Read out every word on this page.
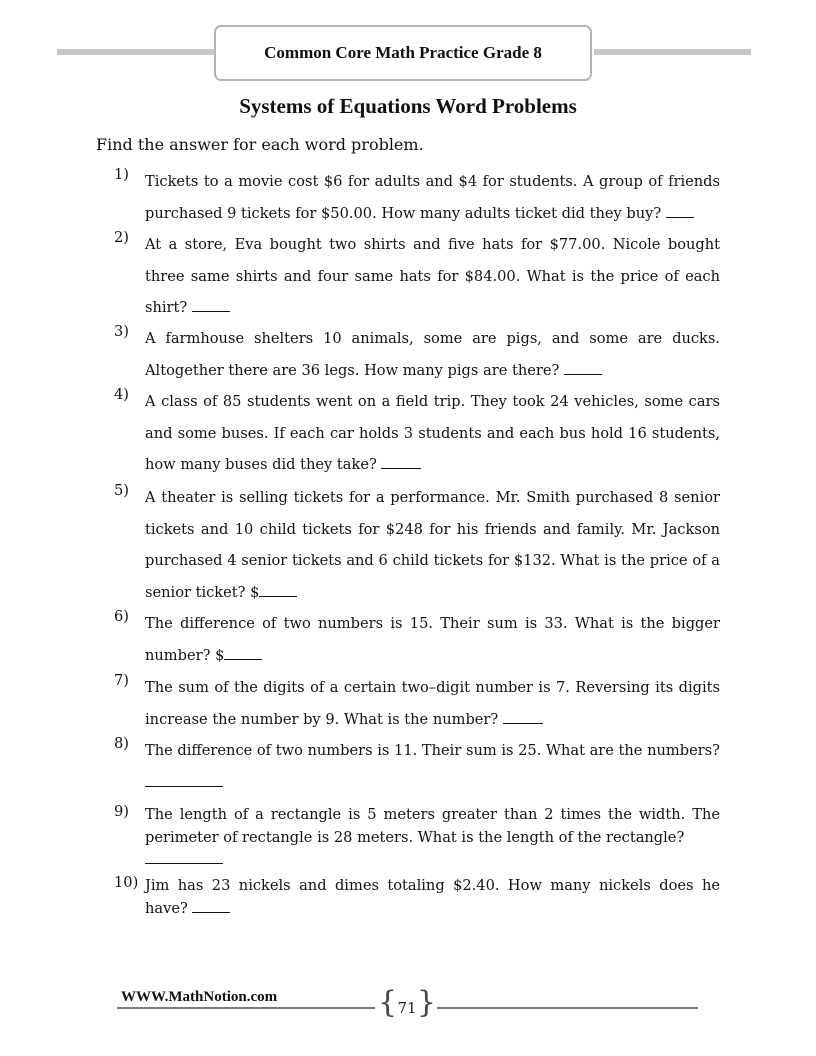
Common Core Math Practice Grade 8
Systems of Equations Word Problems
Find the answer for each word problem.
1) Tickets to a movie cost $6 for adults and $4 for students. A group of friends purchased 9 tickets for $50.00. How many adults ticket did they buy?
2) At a store, Eva bought two shirts and five hats for $77.00. Nicole bought three same shirts and four same hats for $84.00. What is the price of each shirt?
3) A farmhouse shelters 10 animals, some are pigs, and some are ducks. Altogether there are 36 legs. How many pigs are there?
4) A class of 85 students went on a field trip. They took 24 vehicles, some cars and some buses. If each car holds 3 students and each bus hold 16 students, how many buses did they take?
5) A theater is selling tickets for a performance. Mr. Smith purchased 8 senior tickets and 10 child tickets for $248 for his friends and family. Mr. Jackson purchased 4 senior tickets and 6 child tickets for $132. What is the price of a senior ticket? $
6) The difference of two numbers is 15. Their sum is 33. What is the bigger number? $
7) The sum of the digits of a certain two–digit number is 7. Reversing its digits increase the number by 9. What is the number?
8) The difference of two numbers is 11. Their sum is 25. What are the numbers?
9) The length of a rectangle is 5 meters greater than 2 times the width. The perimeter of rectangle is 28 meters. What is the length of the rectangle?
10) Jim has 23 nickels and dimes totaling $2.40. How many nickels does he have?
WWW.MathNotion.com	{ 71 }
